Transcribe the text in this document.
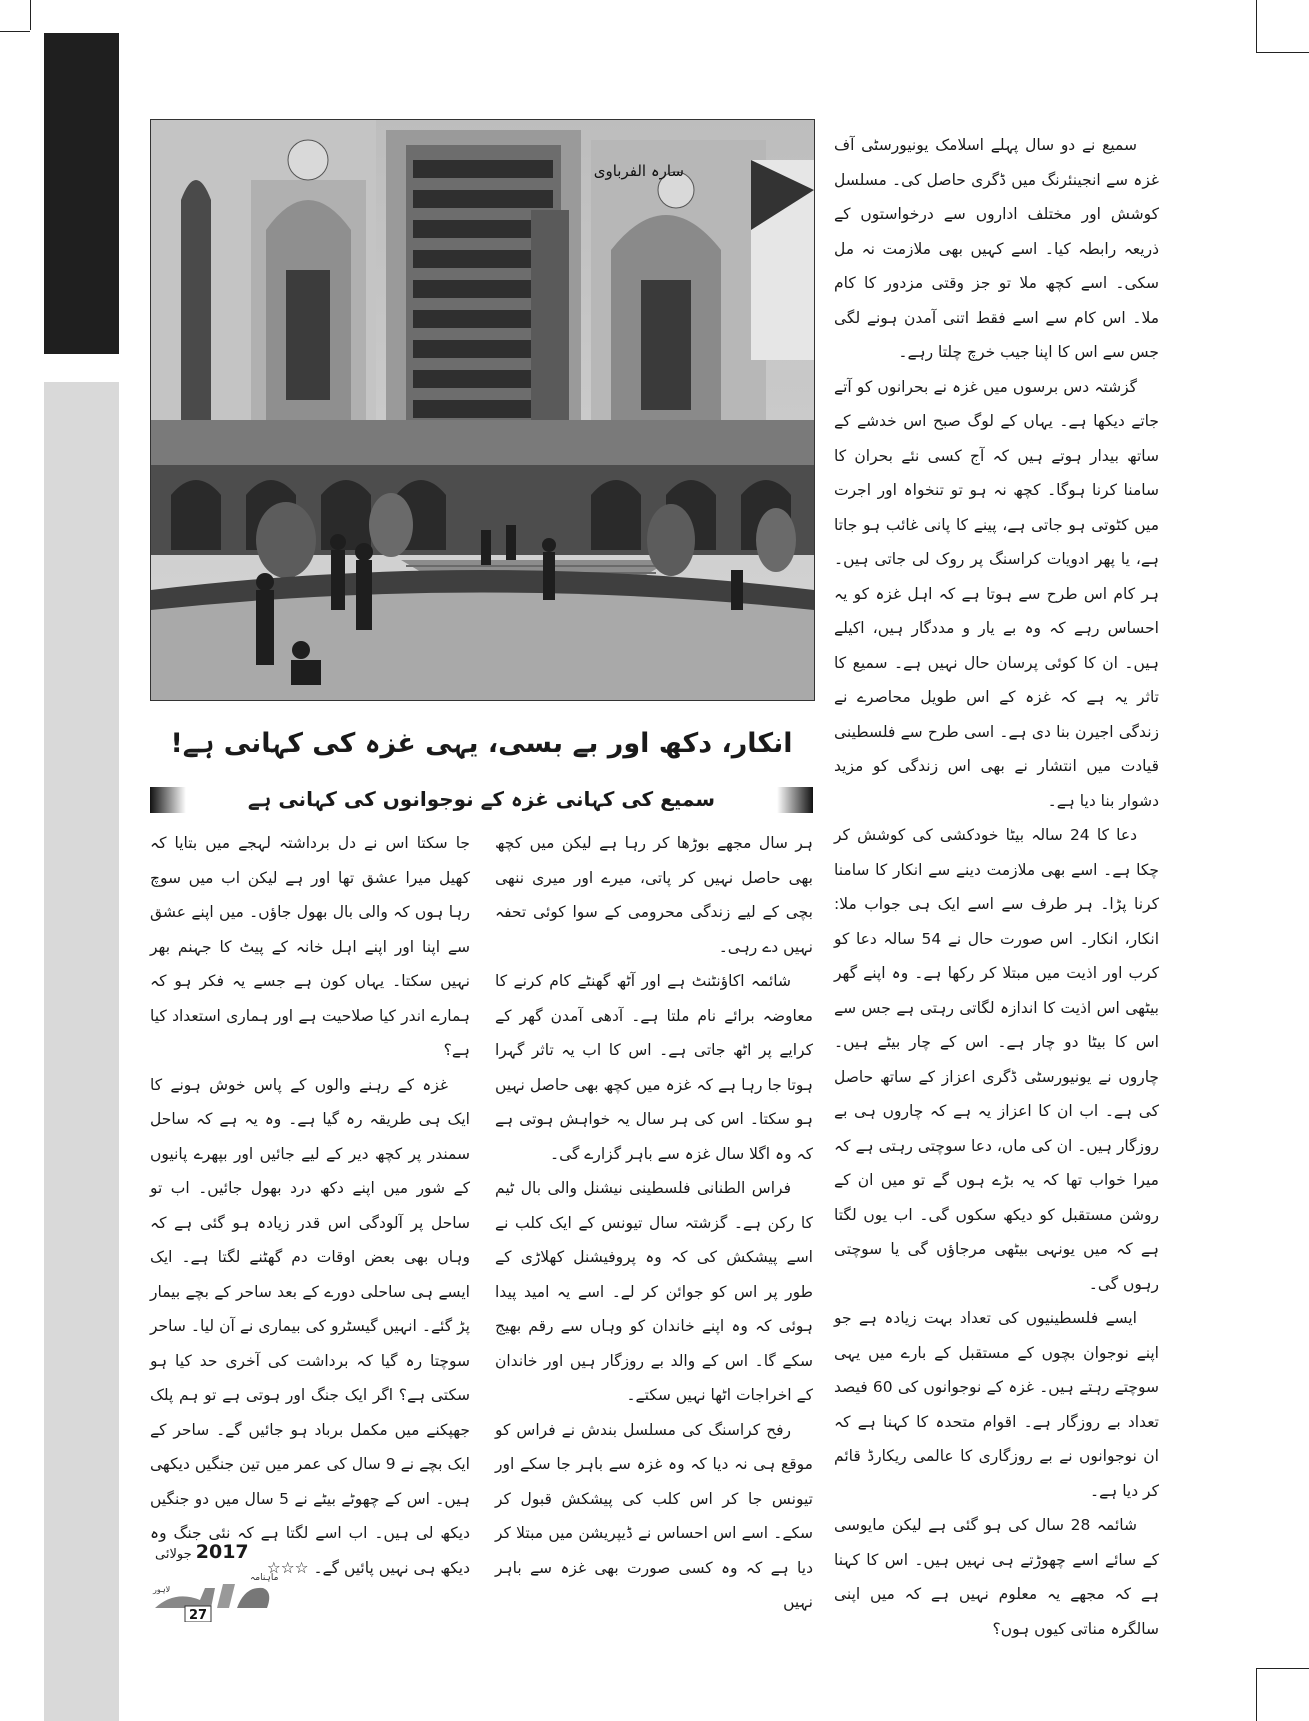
سارہ الفرباوی
انکار، دکھ اور بے بسی، یہی غزہ کی کہانی ہے!
سمیع کی کہانی غزہ کے نوجوانوں کی کہانی ہے

سمیع نے دو سال پہلے اسلامک یونیورسٹی آف غزہ سے انجینئرنگ میں ڈگری حاصل کی۔ مسلسل کوشش اور مختلف اداروں سے درخواستوں کے ذریعہ رابطہ کیا۔ اسے کہیں بھی ملازمت نہ مل سکی۔ اسے کچھ ملا تو جز وقتی مزدور کا کام ملا۔ اس کام سے اسے فقط اتنی آمدن ہونے لگی جس سے اس کا اپنا جیب خرچ چلتا رہے۔

گزشتہ دس برسوں میں غزہ نے بحرانوں کو آتے جاتے دیکھا ہے۔ یہاں کے لوگ صبح اس خدشے کے ساتھ بیدار ہوتے ہیں کہ آج کسی نئے بحران کا سامنا کرنا ہوگا۔ کچھ نہ ہو تو تنخواہ اور اجرت میں کٹوتی ہو جاتی ہے، پینے کا پانی غائب ہو جاتا ہے، یا پھر ادویات کراسنگ پر روک لی جاتی ہیں۔ ہر کام اس طرح سے ہوتا ہے کہ اہل غزہ کو یہ احساس رہے کہ وہ بے یار و مددگار ہیں، اکیلے ہیں۔ ان کا کوئی پرسان حال نہیں ہے۔ سمیع کا تاثر یہ ہے کہ غزہ کے اس طویل محاصرے نے زندگی اجیرن بنا دی ہے۔ اسی طرح سے فلسطینی قیادت میں انتشار نے بھی اس زندگی کو مزید دشوار بنا دیا ہے۔

دعا کا 24 سالہ بیٹا خودکشی کی کوشش کر چکا ہے۔ اسے بھی ملازمت دینے سے انکار کا سامنا کرنا پڑا۔ ہر طرف سے اسے ایک ہی جواب ملا: انکار، انکار۔ اس صورت حال نے 54 سالہ دعا کو کرب اور اذیت میں مبتلا کر رکھا ہے۔ وہ اپنے گھر بیٹھی اس اذیت کا اندازہ لگاتی رہتی ہے جس سے اس کا بیٹا دو چار ہے۔ اس کے چار بیٹے ہیں۔ چاروں نے یونیورسٹی ڈگری اعزاز کے ساتھ حاصل کی ہے۔ اب ان کا اعزاز یہ ہے کہ چاروں ہی بے روزگار ہیں۔ ان کی ماں، دعا سوچتی رہتی ہے کہ میرا خواب تھا کہ یہ بڑے ہوں گے تو میں ان کے روشن مستقبل کو دیکھ سکوں گی۔ اب یوں لگتا ہے کہ میں یونہی بیٹھی مرجاؤں گی یا سوچتی رہوں گی۔

ایسے فلسطینیوں کی تعداد بہت زیادہ ہے جو اپنے نوجوان بچوں کے مستقبل کے بارے میں یہی سوچتے رہتے ہیں۔ غزہ کے نوجوانوں کی 60 فیصد تعداد بے روزگار ہے۔ اقوام متحدہ کا کہنا ہے کہ ان نوجوانوں نے بے روزگاری کا عالمی ریکارڈ قائم کر دیا ہے۔

شائمہ 28 سال کی ہو گئی ہے لیکن مایوسی کے سائے اسے چھوڑتے ہی نہیں ہیں۔ اس کا کہنا ہے کہ مجھے یہ معلوم نہیں ہے کہ میں اپنی سالگرہ مناتی کیوں ہوں؟

ہر سال مجھے بوڑھا کر رہا ہے لیکن میں کچھ بھی حاصل نہیں کر پاتی، میرے اور میری ننھی بچی کے لیے زندگی محرومی کے سوا کوئی تحفہ نہیں دے رہی۔

شائمہ اکاؤنٹنٹ ہے اور آٹھ گھنٹے کام کرنے کا معاوضہ برائے نام ملتا ہے۔ آدھی آمدن گھر کے کرایے پر اٹھ جاتی ہے۔ اس کا اب یہ تاثر گہرا ہوتا جا رہا ہے کہ غزہ میں کچھ بھی حاصل نہیں ہو سکتا۔ اس کی ہر سال یہ خواہش ہوتی ہے کہ وہ اگلا سال غزہ سے باہر گزارے گی۔

فراس الطنانی فلسطینی نیشنل والی بال ٹیم کا رکن ہے۔ گزشتہ سال تیونس کے ایک کلب نے اسے پیشکش کی کہ وہ پروفیشنل کھلاڑی کے طور پر اس کو جوائن کر لے۔ اسے یہ امید پیدا ہوئی کہ وہ اپنے خاندان کو وہاں سے رقم بھیج سکے گا۔ اس کے والد بے روزگار ہیں اور خاندان کے اخراجات اٹھا نہیں سکتے۔

رفح کراسنگ کی مسلسل بندش نے فراس کو موقع ہی نہ دیا کہ وہ غزہ سے باہر جا سکے اور تیونس جا کر اس کلب کی پیشکش قبول کر سکے۔ اسے اس احساس نے ڈیپریشن میں مبتلا کر دیا ہے کہ وہ کسی صورت بھی غزہ سے باہر نہیں

جا سکتا اس نے دل برداشتہ لہجے میں بتایا کہ کھیل میرا عشق تھا اور ہے لیکن اب میں سوچ رہا ہوں کہ والی بال بھول جاؤں۔ میں اپنے عشق سے اپنا اور اپنے اہل خانہ کے پیٹ کا جہنم بھر نہیں سکتا۔ یہاں کون ہے جسے یہ فکر ہو کہ ہمارے اندر کیا صلاحیت ہے اور ہماری استعداد کیا ہے؟

غزہ کے رہنے والوں کے پاس خوش ہونے کا ایک ہی طریقہ رہ گیا ہے۔ وہ یہ ہے کہ ساحل سمندر پر کچھ دیر کے لیے جائیں اور بپھرے پانیوں کے شور میں اپنے دکھ درد بھول جائیں۔ اب تو ساحل پر آلودگی اس قدر زیادہ ہو گئی ہے کہ وہاں بھی بعض اوقات دم گھٹنے لگتا ہے۔ ایک ایسے ہی ساحلی دورے کے بعد ساحر کے بچے بیمار پڑ گئے۔ انہیں گیسٹرو کی بیماری نے آن لیا۔ ساحر سوچتا رہ گیا کہ برداشت کی آخری حد کیا ہو سکتی ہے؟ اگر ایک جنگ اور ہوتی ہے تو ہم پلک جھپکنے میں مکمل برباد ہو جائیں گے۔ ساحر کے ایک بچے نے 9 سال کی عمر میں تین جنگیں دیکھی ہیں۔ اس کے چھوٹے بیٹے نے 5 سال میں دو جنگیں دیکھ لی ہیں۔ اب اسے لگتا ہے کہ نئی جنگ وہ دیکھ ہی نہیں پائیں گے۔ ☆☆☆

2017 جولائی
ماہنامہ
27
لاہور
